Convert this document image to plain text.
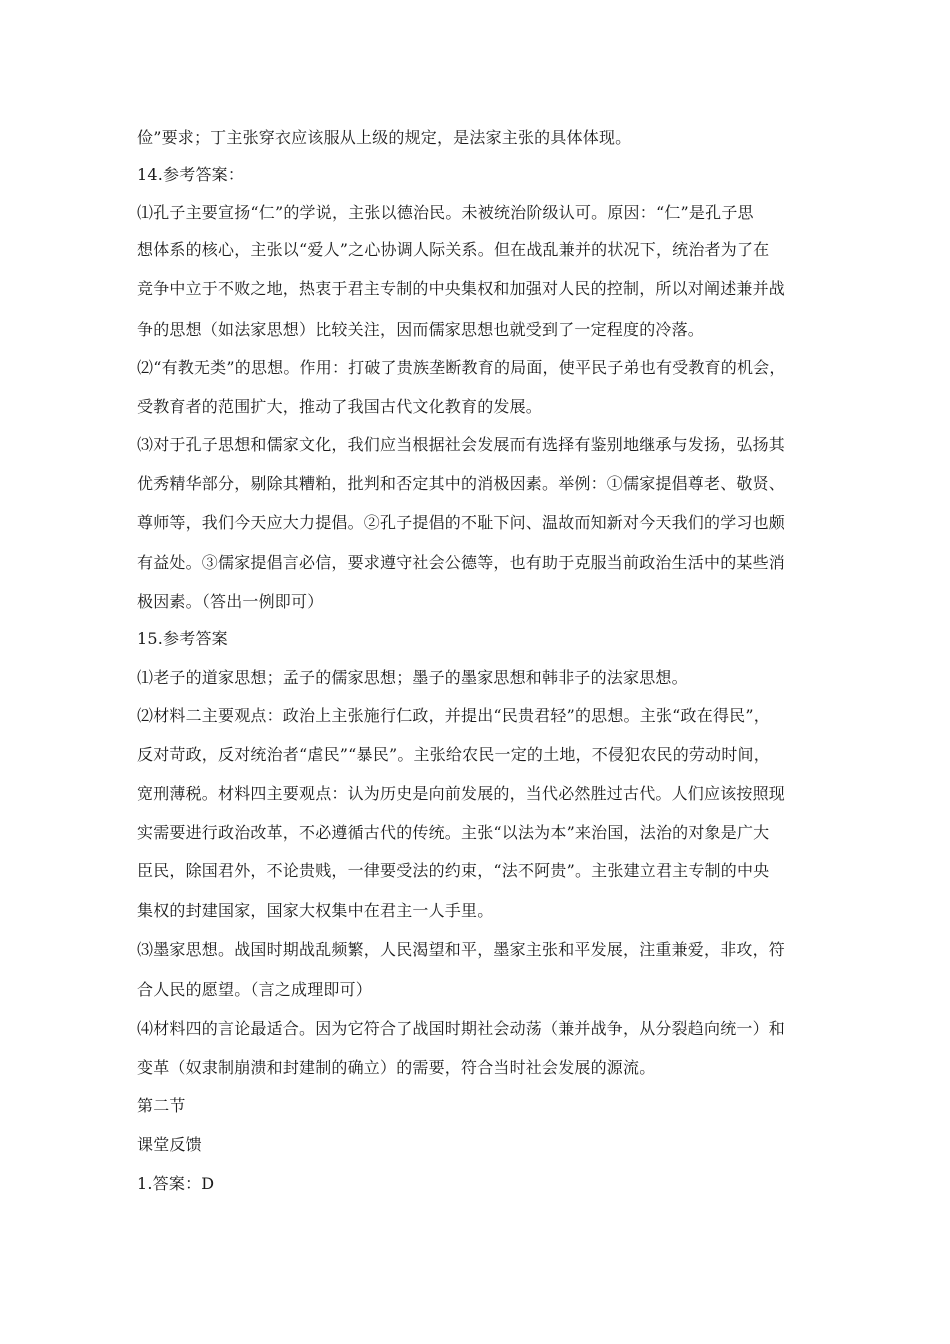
俭”要求；丁主张穿衣应该服从上级的规定，是法家主张的具体体现。

14.参考答案：

⑴孔子主要宣扬“仁”的学说，主张以德治民。未被统治阶级认可。原因：“仁”是孔子思

想体系的核心，主张以“爱人”之心协调人际关系。但在战乱兼并的状况下，统治者为了在

竞争中立于不败之地，热衷于君主专制的中央集权和加强对人民的控制，所以对阐述兼并战

争的思想（如法家思想）比较关注，因而儒家思想也就受到了一定程度的冷落。

⑵“有教无类”的思想。作用：打破了贵族垄断教育的局面，使平民子弟也有受教育的机会，

受教育者的范围扩大，推动了我国古代文化教育的发展。

⑶对于孔子思想和儒家文化，我们应当根据社会发展而有选择有鉴别地继承与发扬，弘扬其

优秀精华部分，剔除其糟粕，批判和否定其中的消极因素。举例：①儒家提倡尊老、敬贤、

尊师等，我们今天应大力提倡。②孔子提倡的不耻下问、温故而知新对今天我们的学习也颇

有益处。③儒家提倡言必信，要求遵守社会公德等，也有助于克服当前政治生活中的某些消

极因素。（答出一例即可）

15.参考答案

⑴老子的道家思想；孟子的儒家思想；墨子的墨家思想和韩非子的法家思想。

⑵材料二主要观点：政治上主张施行仁政，并提出“民贵君轻”的思想。主张“政在得民”，

反对苛政，反对统治者“虐民”“暴民”。主张给农民一定的土地，不侵犯农民的劳动时间，

宽刑薄税。材料四主要观点：认为历史是向前发展的，当代必然胜过古代。人们应该按照现

实需要进行政治改革，不必遵循古代的传统。主张“以法为本”来治国，法治的对象是广大

臣民，除国君外，不论贵贱，一律要受法的约束，“法不阿贵”。主张建立君主专制的中央

集权的封建国家，国家大权集中在君主一人手里。

⑶墨家思想。战国时期战乱频繁，人民渴望和平，墨家主张和平发展，注重兼爱，非攻，符

合人民的愿望。（言之成理即可）

⑷材料四的言论最适合。因为它符合了战国时期社会动荡（兼并战争，从分裂趋向统一）和

变革（奴隶制崩溃和封建制的确立）的需要，符合当时社会发展的源流。

第二节

课堂反馈

1.答案：D
